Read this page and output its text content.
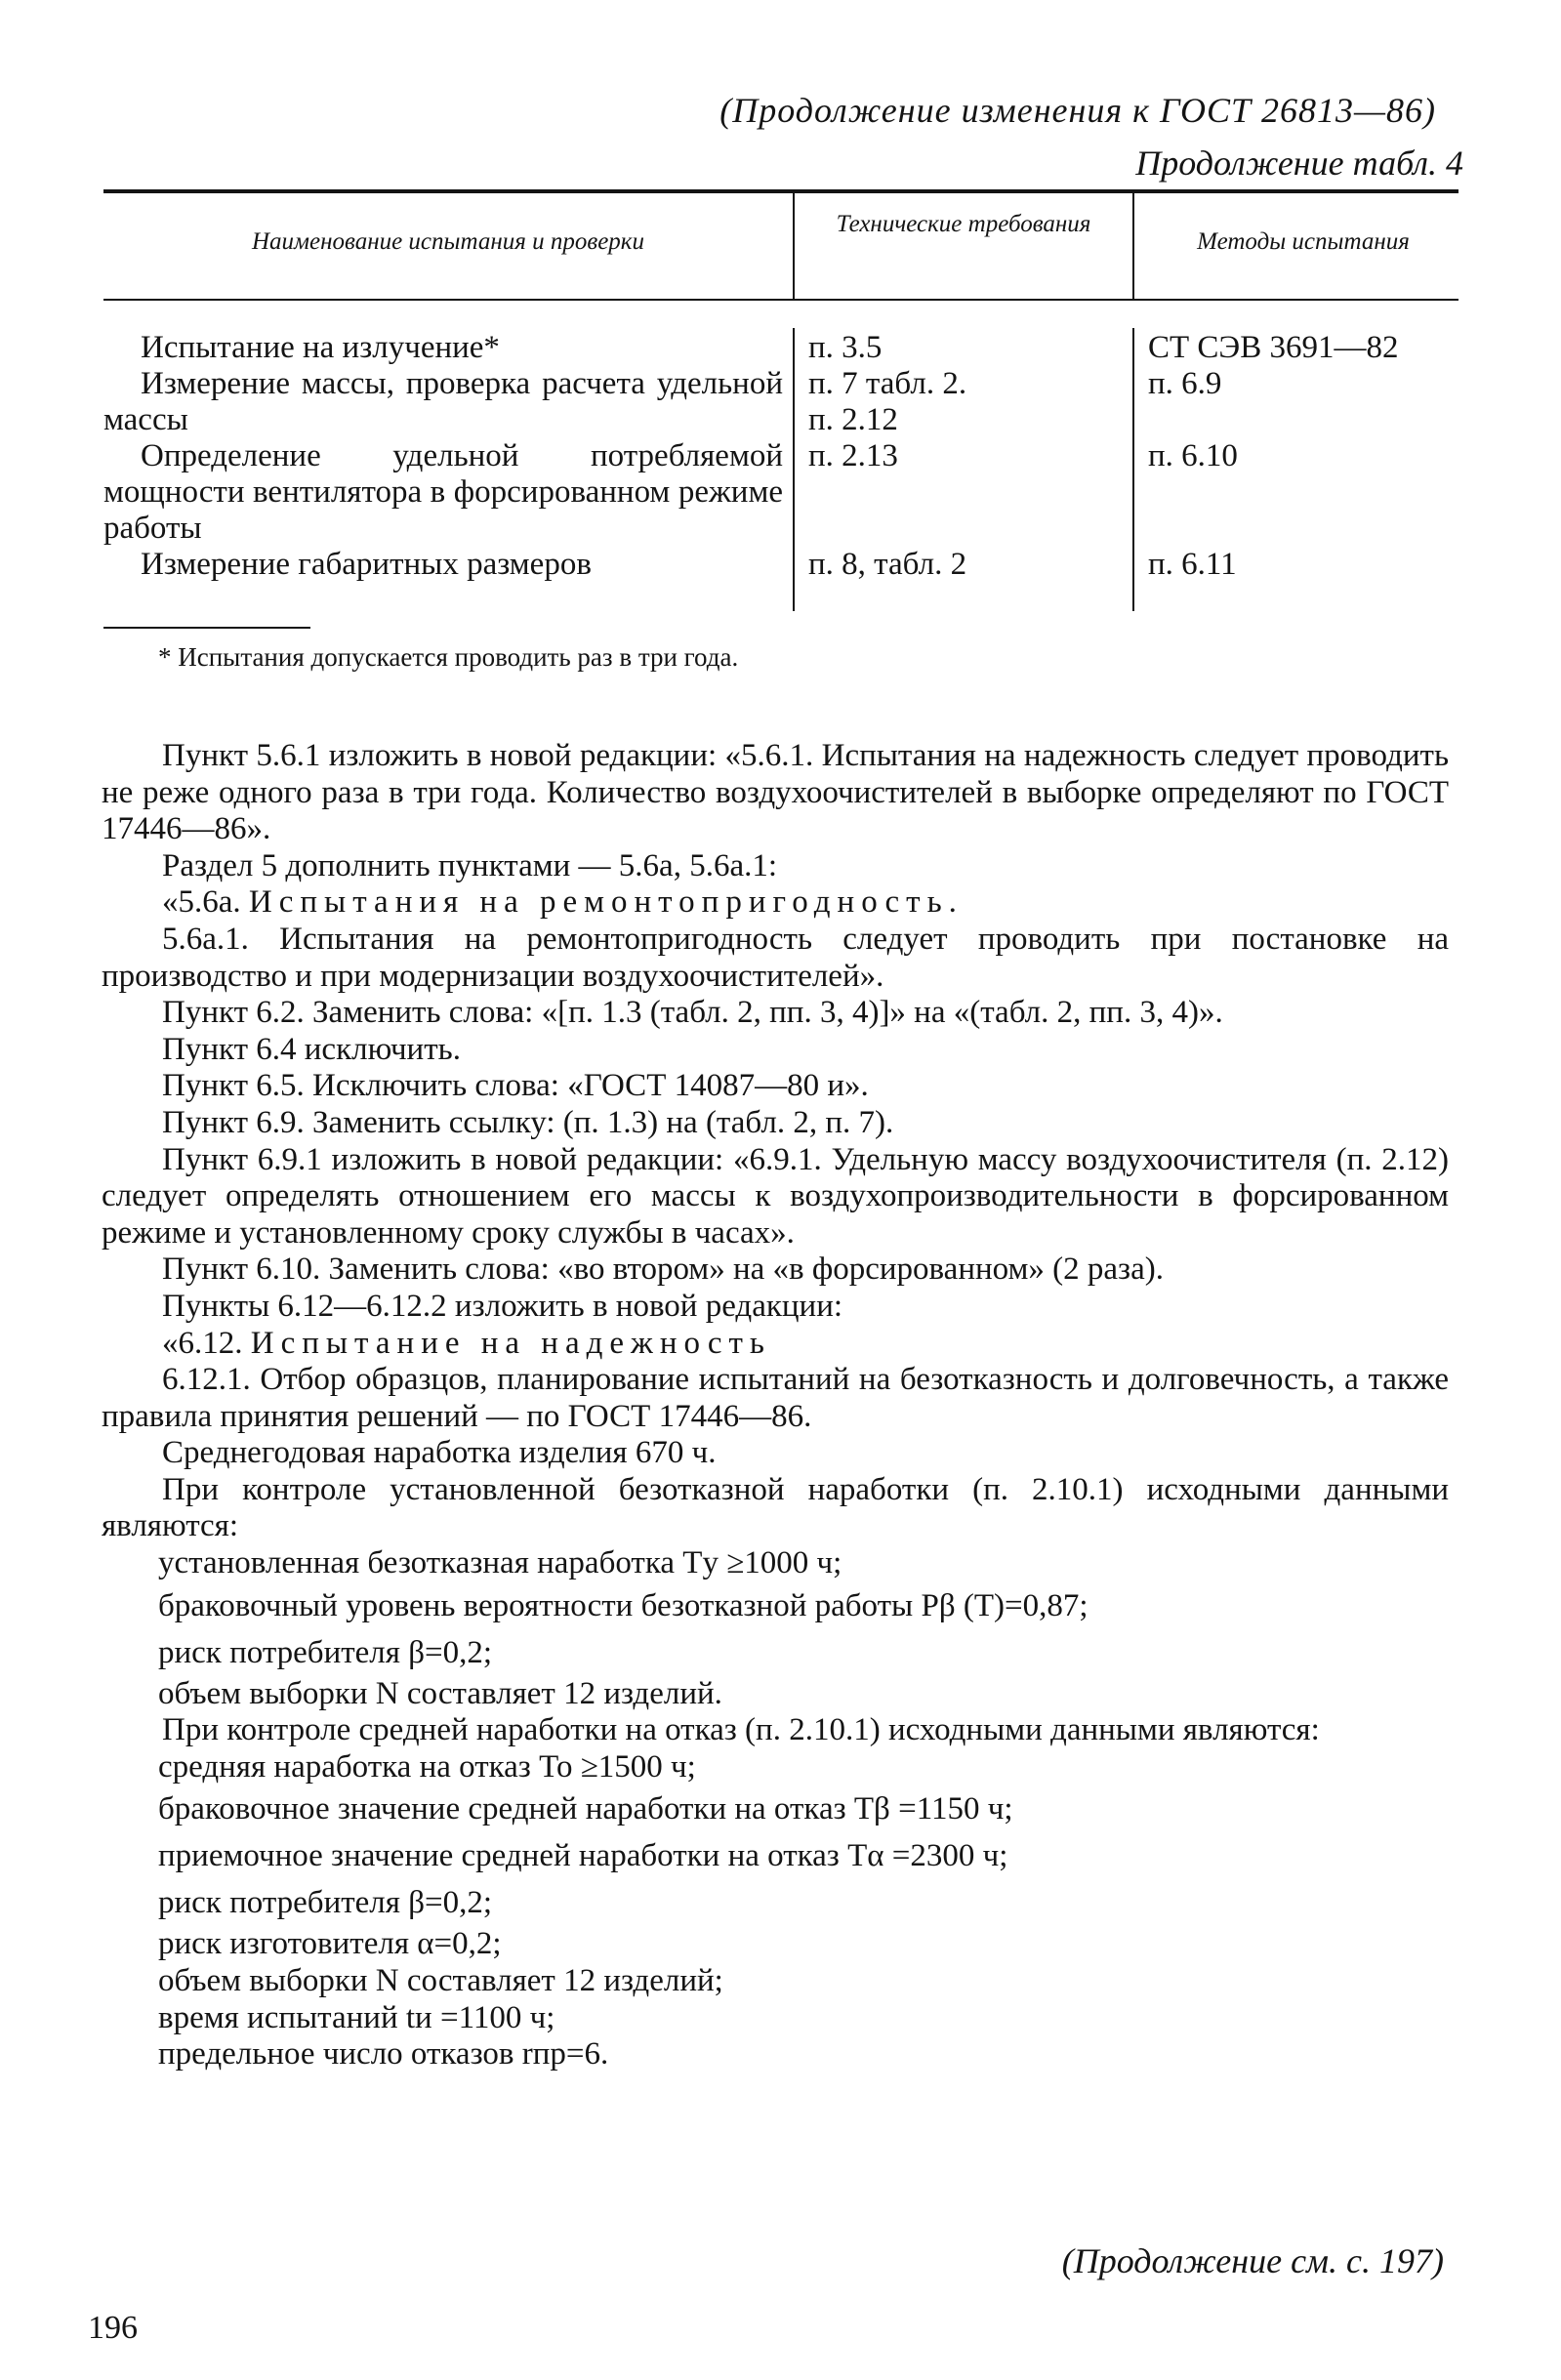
(Продолжение изменения к ГОСТ 26813—86)
Продолжение табл. 4
Наименование испытания и проверки
Технические требования
Методы испытания

Испытание на излучение*

Измерение массы, проверка расчета удельной массы

Определение удельной потребляемой мощности вентилятора в форсированном режиме работы

Измерение габаритных размеров

п. 3.5
п. 7 табл. 2.
п. 2.12
п. 2.13
п. 8, табл. 2
СТ СЭВ 3691—82
п. 6.9
п. 6.10
п. 6.11
* Испытания допускается проводить раз в три года.

Пункт 5.6.1 изложить в новой редакции: «5.6.1. Испытания на надежность следует проводить не реже одного раза в три года. Количество воздухоочистителей в выборке определяют по ГОСТ 17446—86».

Раздел 5 дополнить пунктами — 5.6а, 5.6а.1:

«5.6а. Испытания на ремонтопригодность.

5.6а.1. Испытания на ремонтопригодность следует проводить при постановке на производство и при модернизации воздухоочистителей».

Пункт 6.2. Заменить слова: «[п. 1.3 (табл. 2, пп. 3, 4)]» на «(табл. 2, пп. 3, 4)».

Пункт 6.4 исключить.

Пункт 6.5. Исключить слова: «ГОСТ 14087—80 и».

Пункт 6.9. Заменить ссылку: (п. 1.3) на (табл. 2, п. 7).

Пункт 6.9.1 изложить в новой редакции: «6.9.1. Удельную массу воздухоочистителя (п. 2.12) следует определять отношением его массы к воздухопроизводительности в форсированном режиме и установленному сроку службы в часах».

Пункт 6.10. Заменить слова: «во втором» на «в форсированном» (2 раза).

Пункты 6.12—6.12.2 изложить в новой редакции:

«6.12. Испытание на надежность

6.12.1. Отбор образцов, планирование испытаний на безотказность и долговечность, а также правила принятия решений — по ГОСТ 17446—86.

Среднегодовая наработка изделия 670 ч.

При контроле установленной безотказной наработки (п. 2.10.1) исходными данными являются:

установленная безотказная наработка Tу ≥1000 ч;

браковочный уровень вероятности безотказной работы Pβ (T)=0,87;

риск потребителя β=0,2;

объем выборки N составляет 12 изделий.

При контроле средней наработки на отказ (п. 2.10.1) исходными данными являются:

средняя наработка на отказ To ≥1500 ч;

браковочное значение средней наработки на отказ Tβ =1150 ч;

приемочное значение средней наработки на отказ Tα =2300 ч;

риск потребителя β=0,2;

риск изготовителя α=0,2;

объем выборки N составляет 12 изделий;

время испытаний tи =1100 ч;

предельное число отказов rпр=6.

(Продолжение см. с. 197)
196
